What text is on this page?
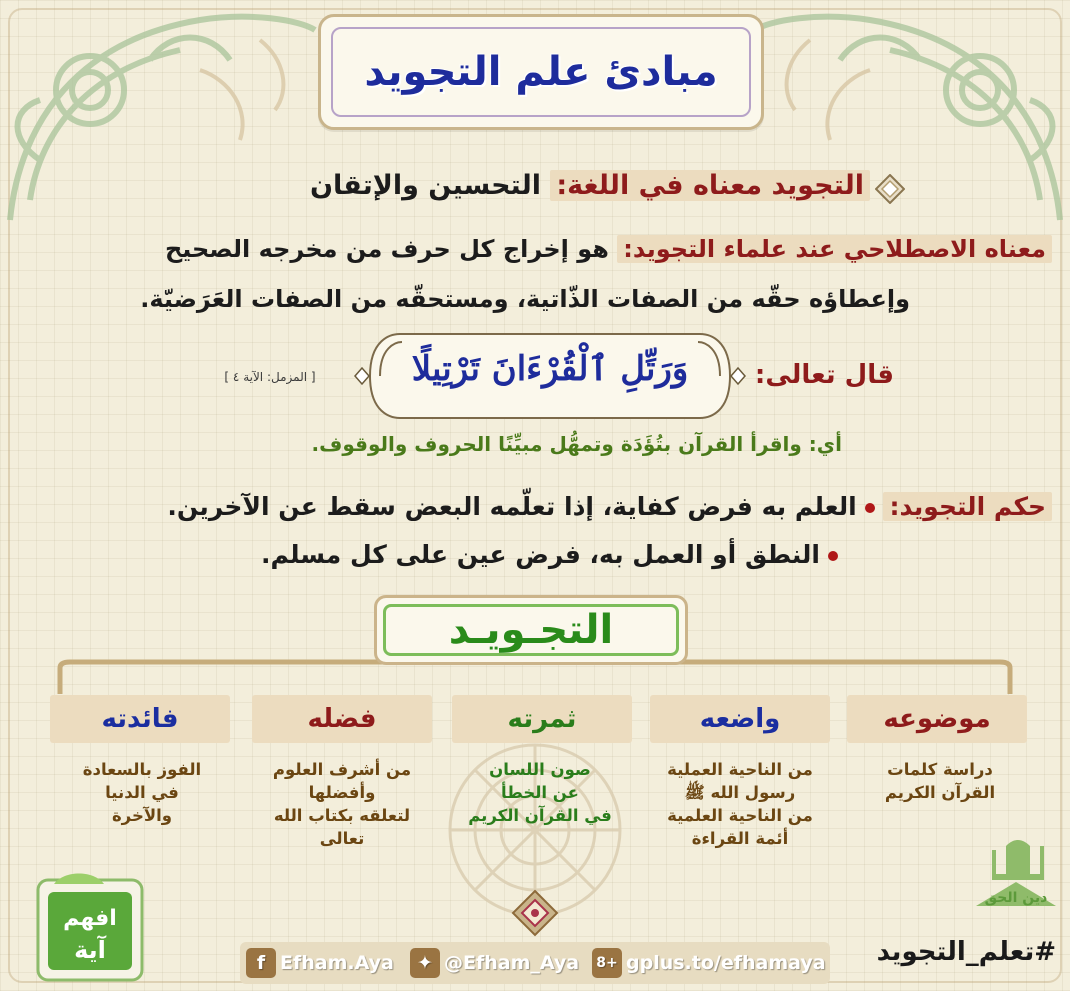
مبادئ علم التجويد
التجويد معناه في اللغة: التحسين والإتقان
معناه الاصطلاحي عند علماء التجويد: هو إخراج كل حرف من مخرجه الصحيح
وإعطاؤه حقّه من الصفات الذّاتية، ومستحقّه من الصفات العَرَضيّة.
قال تعالى:
وَرَتِّلِ ٱلْقُرْءَانَ تَرْتِيلًا
[ المزمل: الآية ٤ ]
أي: واقرأ القرآن بتُؤَدَة وتمهُّل مبيِّنًا الحروف والوقوف.
حكم التجويد: العلم به فرض كفاية، إذا تعلّمه البعض سقط عن الآخرين.
النطق أو العمل به، فرض عين على كل مسلم.
التجـويـد
موضوعه
واضعه
ثمرته
فضله
فائدته
دراسة كلمات
القرآن الكريم
من الناحية العملية
رسول الله ﷺ
من الناحية العلمية
أئمة القراءة
صون اللسان
عن الخطأ
في القرآن الكريم
من أشرف العلوم
وأفضلها
لتعلقه بكتاب الله
تعالى
الفوز بالسعادة
في الدنيا
والآخرة
افهم
آية
دين الحق
f Efham.Aya	✦ @Efham_Aya	8+ gplus.to/efhamaya #تعلم_التجويد
